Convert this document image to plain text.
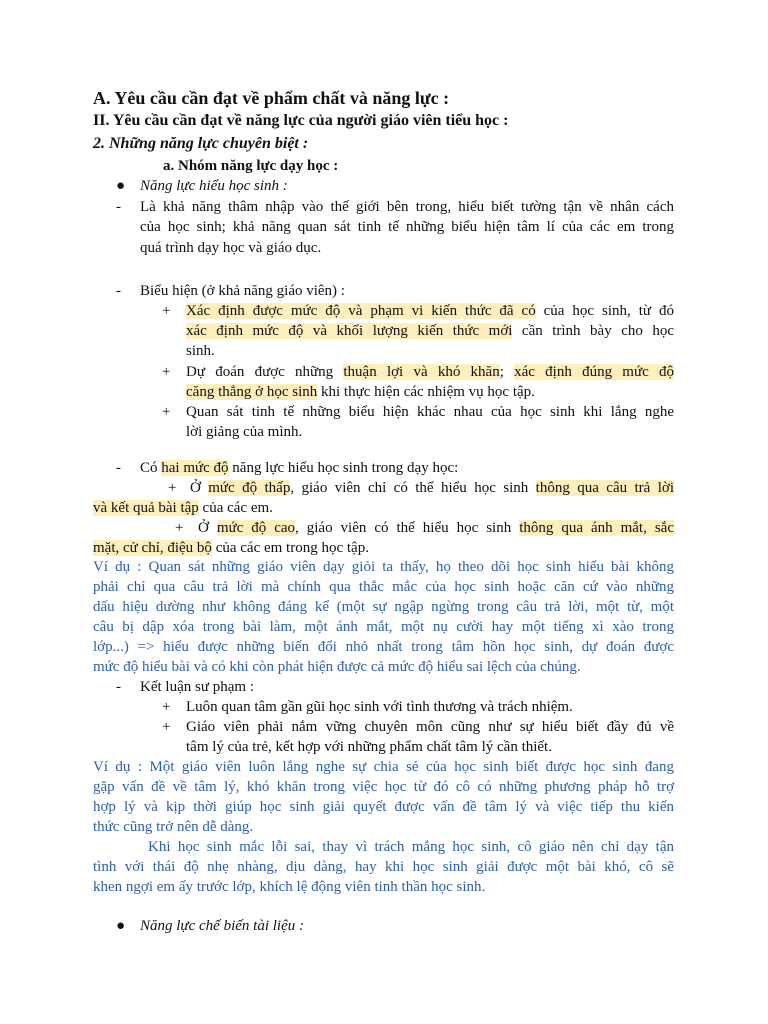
A. Yêu cầu cần đạt về phẩm chất và năng lực :
II. Yêu cầu cần đạt về năng lực của người giáo viên tiểu học :
2. Những năng lực chuyên biệt :
a. Nhóm năng lực dạy học :
● Năng lực hiểu học sinh :
- Là khả năng thâm nhập vào thế giới bên trong, hiểu biết tường tận về nhân cách
của học sinh; khả năng quan sát tinh tế những biểu hiện tâm lí của các em trong
quá trình dạy học và giáo dục.
- Biểu hiện (ở khả năng giáo viên) :
+ Xác định được mức độ và phạm vi kiến thức đã có của học sinh, từ đó
xác định mức độ và khối lượng kiến thức mới cần trình bày cho học
sinh.
+ Dự đoán được những thuận lợi và khó khăn; xác định đúng mức độ
căng thẳng ở học sinh khi thực hiện các nhiệm vụ học tập.
+ Quan sát tinh tế những biểu hiện khác nhau của học sinh khi lắng nghe
lời giảng của mình.
- Có hai mức độ năng lực hiểu học sinh trong dạy học:
+ Ở mức độ thấp, giáo viên chỉ có thể hiểu học sinh thông qua câu trả lời
và kết quả bài tập của các em.
+ Ở mức độ cao, giáo viên có thể hiểu học sinh thông qua ánh mắt, sắc
mặt, cử chỉ, điệu bộ của các em trong học tập.
Ví dụ : Quan sát những giáo viên dạy giỏi ta thấy, họ theo dõi học sinh hiểu bài không
phải chỉ qua câu trả lời mà chính qua thắc mắc của học sinh hoặc căn cứ vào những
dấu hiệu dường như không đáng kể (một sự ngập ngừng trong câu trả lời, một từ, một
câu bị dập xóa trong bài làm, một ánh mắt, một nụ cười hay một tiếng xì xào trong
lớp...) => hiểu được những biến đổi nhỏ nhất trong tâm hồn học sinh, dự đoán được
mức độ hiểu bài và có khi còn phát hiện được cả mức độ hiểu sai lệch của chúng.
- Kết luận sư phạm :
+ Luôn quan tâm gần gũi học sinh với tình thương và trách nhiệm.
+ Giáo viên phải nắm vững chuyên môn cũng như sự hiểu biết đầy đủ về
tâm lý của trẻ, kết hợp với những phẩm chất tâm lý cần thiết.
Ví dụ : Một giáo viên luôn lắng nghe sự chia sẻ của học sinh biết được học sinh đang
gặp vấn đề về tâm lý, khó khăn trong việc học từ đó cô có những phương pháp hỗ trợ
hợp lý và kịp thời giúp học sinh giải quyết được vấn đề tâm lý và việc tiếp thu kiến
thức cũng trở nên dễ dàng.
Khi học sinh mắc lỗi sai, thay vì trách mắng học sinh, cô giáo nên chỉ dạy tận
tình với thái độ nhẹ nhàng, dịu dàng, hay khi học sinh giải được một bài khó, cô sẽ
khen ngợi em ấy trước lớp, khích lệ động viên tinh thần học sinh.
● Năng lực chế biến tài liệu :
